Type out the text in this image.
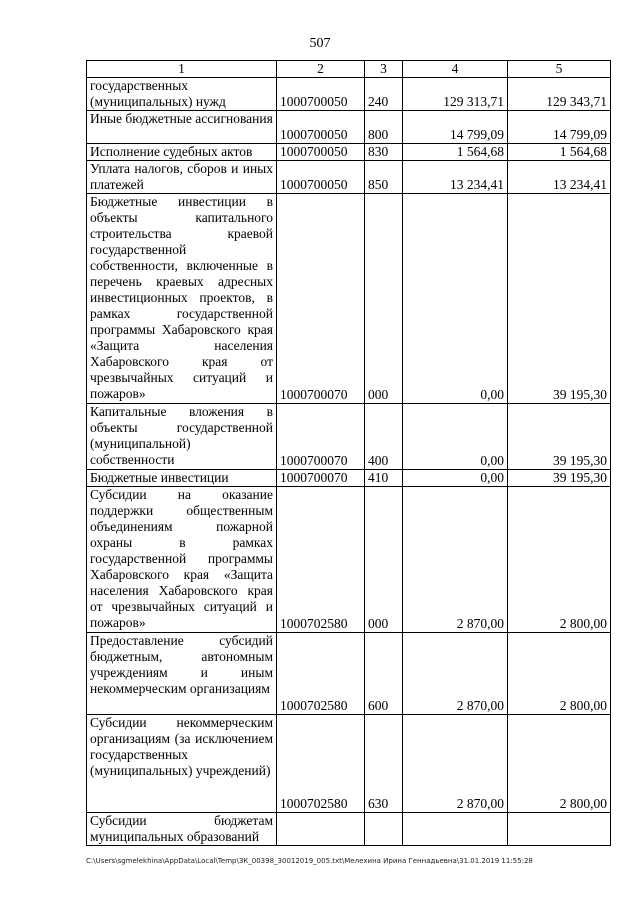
507
1	2	3	4	5
государственных (муниципальных) нужд	1000700050	240	129 313,71	129 343,71
Иные бюджетные ассигнования	1000700050	800	14 799,09	14 799,09
Исполнение судебных актов	1000700050	830	1 564,68	1 564,68
Уплата налогов, сборов и иных платежей	1000700050	850	13 234,41	13 234,41
Бюджетные инвестиции в объекты капитального строительства краевой государственной собственности, включенные в перечень краевых адресных инвестиционных проектов, в рамках государственной программы Хабаровского края «Защита населения Хабаровского края от чрезвычайных ситуаций и пожаров»	1000700070	000	0,00	39 195,30
Капитальные вложения в объекты государственной (муниципальной) собственности	1000700070	400	0,00	39 195,30
Бюджетные инвестиции	1000700070	410	0,00	39 195,30
Субсидии на оказание поддержки общественным объединениям пожарной охраны в рамках государственной программы Хабаровского края «Защита населения Хабаровского края от чрезвычайных ситуаций и пожаров»	1000702580	000	2 870,00	2 800,00
Предоставление субсидий бюджетным, автономным учреждениям и иным некоммерческим организациям	1000702580	600	2 870,00	2 800,00
Субсидии некоммерческим организациям (за исключением государственных (муниципальных) учреждений)	1000702580	630	2 870,00	2 800,00
Субсидии бюджетам муниципальных образований				
C:\Users\sgmelekhina\AppData\Local\Temp\ЗК_00398_30012019_005.txt\Мелехина Ирина Геннадьевна\31.01.2019 11:55:28
